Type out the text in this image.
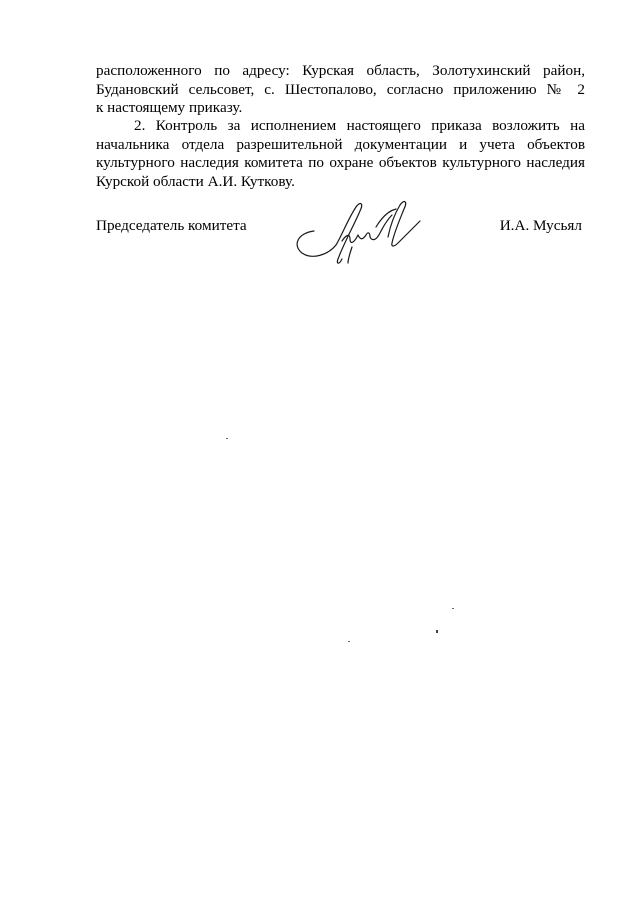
расположенного по адресу: Курская область, Золотухинский район,
Будановский сельсовет, с. Шестопалово, согласно приложению № 2
к настоящему приказу.
2. Контроль за исполнением настоящего приказа возложить на
начальника отдела разрешительной документации и учета объектов
культурного наследия комитета по охране объектов культурного наследия
Курской области А.И. Куткову.
Председатель комитета	И.А. Мусьял
